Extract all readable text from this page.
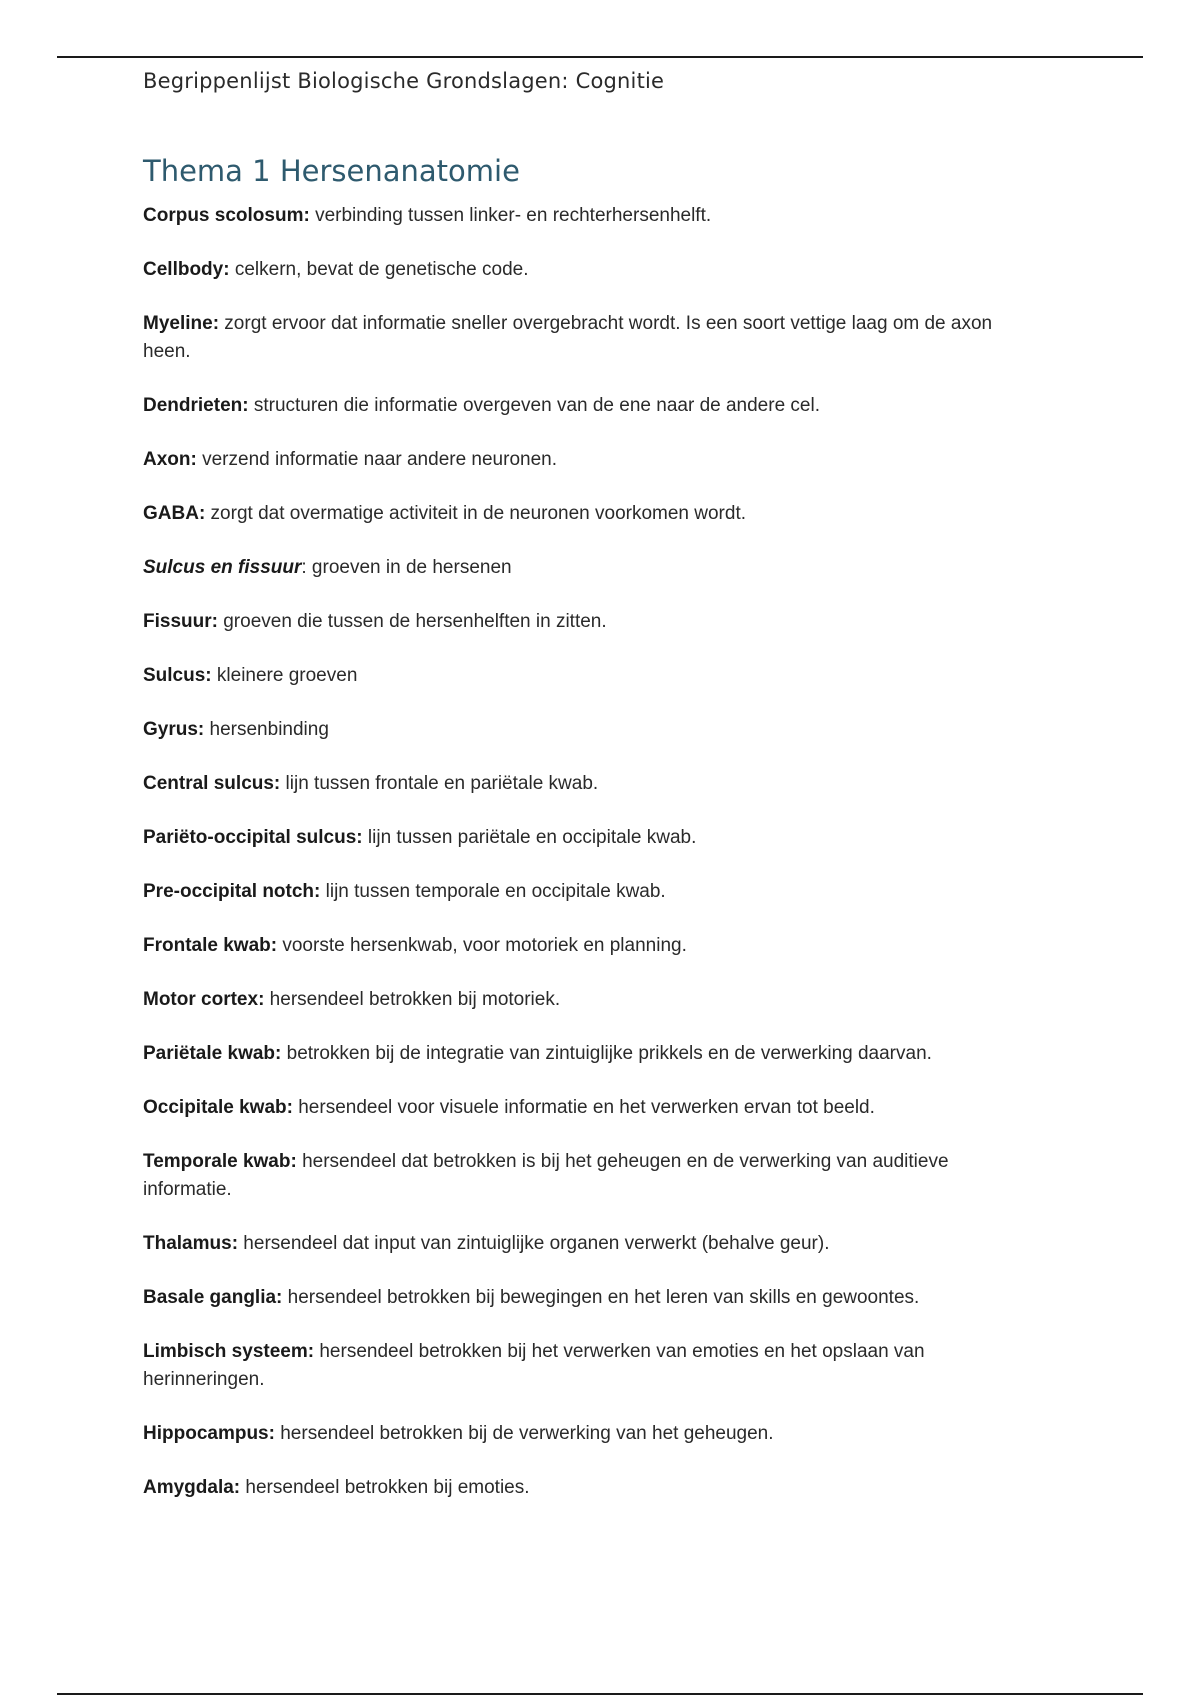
Begrippenlijst Biologische Grondslagen: Cognitie
Thema 1 Hersenanatomie

Corpus scolosum: verbinding tussen linker- en rechterhersenhelft.

Cellbody: celkern, bevat de genetische code.

Myeline: zorgt ervoor dat informatie sneller overgebracht wordt. Is een soort vettige laag om de axon heen.

Dendrieten: structuren die informatie overgeven van de ene naar de andere cel.

Axon: verzend informatie naar andere neuronen.

GABA: zorgt dat overmatige activiteit in de neuronen voorkomen wordt.

Sulcus en fissuur: groeven in de hersenen

Fissuur: groeven die tussen de hersenhelften in zitten.

Sulcus: kleinere groeven

Gyrus: hersenbinding

Central sulcus: lijn tussen frontale en pariëtale kwab.

Pariëto-occipital sulcus: lijn tussen pariëtale en occipitale kwab.

Pre-occipital notch: lijn tussen temporale en occipitale kwab.

Frontale kwab: voorste hersenkwab, voor motoriek en planning.

Motor cortex: hersendeel betrokken bij motoriek.

Pariëtale kwab: betrokken bij de integratie van zintuiglijke prikkels en de verwerking daarvan.

Occipitale kwab: hersendeel voor visuele informatie en het verwerken ervan tot beeld.

Temporale kwab: hersendeel dat betrokken is bij het geheugen en de verwerking van auditieve informatie.

Thalamus: hersendeel dat input van zintuiglijke organen verwerkt (behalve geur).

Basale ganglia: hersendeel betrokken bij bewegingen en het leren van skills en gewoontes.

Limbisch systeem: hersendeel betrokken bij het verwerken van emoties en het opslaan van herinneringen.

Hippocampus: hersendeel betrokken bij de verwerking van het geheugen.

Amygdala: hersendeel betrokken bij emoties.
